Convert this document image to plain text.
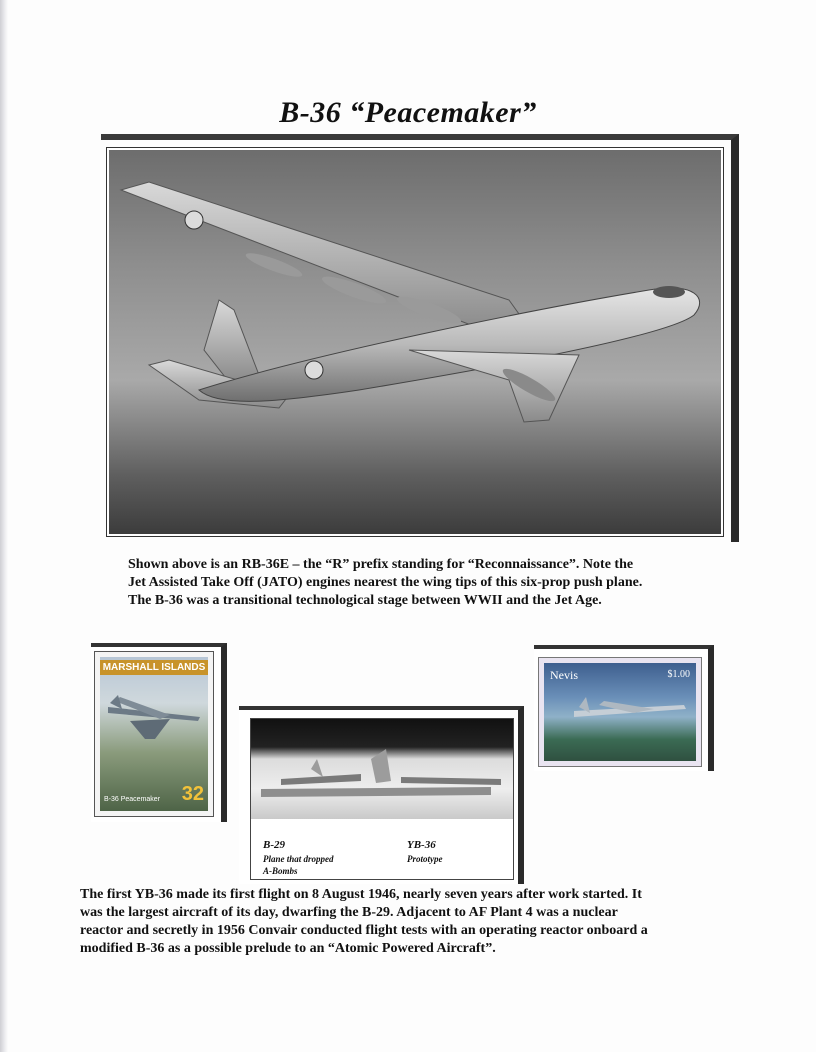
B-36 “Peacemaker”
Shown above is an RB-36E – the “R” prefix standing for “Reconnaissance”. Note the
Jet Assisted Take Off (JATO) engines nearest the wing tips of this six-prop push plane.
The B-36 was a transitional technological stage between WWII and the Jet Age.
MARSHALL ISLANDS
B-36 Peacemaker 32
B-29
Plane that dropped
A-Bombs
YB-36
Prototype
Nevis	$1.00
The first YB-36 made its first flight on 8 August 1946, nearly seven years after work started. It
was the largest aircraft of its day, dwarfing the B-29. Adjacent to AF Plant 4 was a nuclear
reactor and secretly in 1956 Convair conducted flight tests with an operating reactor onboard a
modified B-36 as a possible prelude to an “Atomic Powered Aircraft”.
